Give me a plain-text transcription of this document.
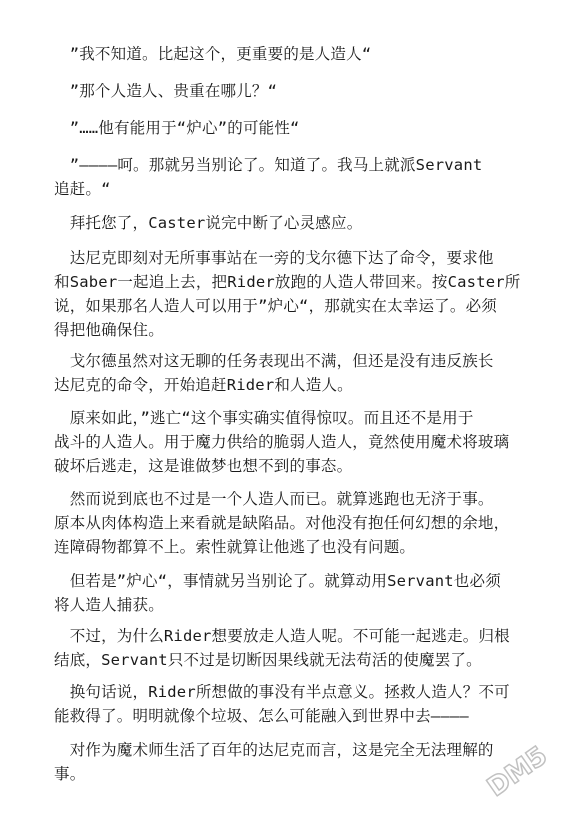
　”我不知道。比起这个，更重要的是人造人“

　”那个人造人、贵重在哪儿？“

　”……他有能用于“炉心”的可能性“

　”————呵。那就另当别论了。知道了。我马上就派Servant
追赶。“

　拜托您了，Caster说完中断了心灵感应。

　达尼克即刻对无所事事站在一旁的戈尔德下达了命令，要求他
和Saber一起追上去，把Rider放跑的人造人带回来。按Caster所
说，如果那名人造人可以用于”炉心“，那就实在太幸运了。必须
得把他确保住。

　戈尔德虽然对这无聊的任务表现出不满，但还是没有违反族长
达尼克的命令，开始追赶Rider和人造人。

　原来如此，”逃亡“这个事实确实值得惊叹。而且还不是用于
战斗的人造人。用于魔力供给的脆弱人造人，竟然使用魔术将玻璃
破坏后逃走，这是谁做梦也想不到的事态。

　然而说到底也不过是一个人造人而已。就算逃跑也无济于事。
原本从肉体构造上来看就是缺陷品。对他没有抱任何幻想的余地，
连障碍物都算不上。索性就算让他逃了也没有问题。

　但若是”炉心“，事情就另当别论了。就算动用Servant也必须
将人造人捕获。

　不过，为什么Rider想要放走人造人呢。不可能一起逃走。归根
结底，Servant只不过是切断因果线就无法苟活的使魔罢了。

　换句话说，Rider所想做的事没有半点意义。拯救人造人？不可
能救得了。明明就像个垃圾、怎么可能融入到世界中去————

　对作为魔术师生活了百年的达尼克而言，这是完全无法理解的
事。	DM5
